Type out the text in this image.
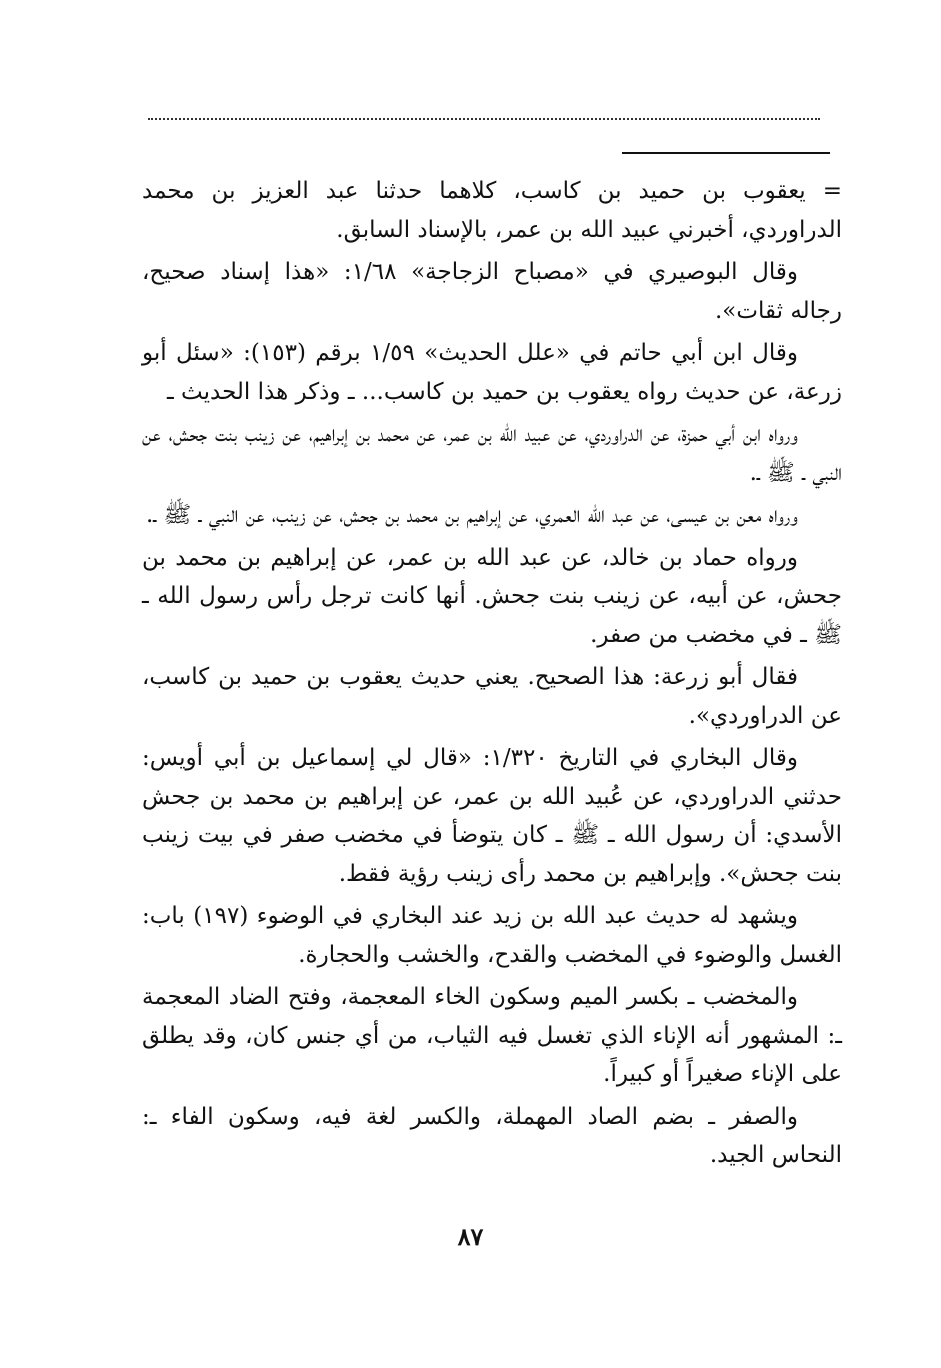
= يعقوب بن حميد بن كاسب، كلاهما حدثنا عبد العزيز بن محمد الدراوردي، أخبرني عبيد الله بن عمر، بالإسناد السابق.

وقال البوصيري في «مصباح الزجاجة» ١/٦٨: «هذا إسناد صحيح، رجاله ثقات».

وقال ابن أبي حاتم في «علل الحديث» ١/٥٩ برقم (١٥٣): «سئل أبو زرعة، عن حديث رواه يعقوب بن حميد بن كاسب... ـ وذكر هذا الحديث ـ

ورواه ابن أبي حمزة، عن الدراوردي، عن عبيد الله بن عمر، عن محمد بن إبراهيم، عن زينب بنت جحش، عن النبي ـ ﷺ ـ.

ورواه معن بن عيسى، عن عبد الله العمري، عن إبراهيم بن محمد بن جحش، عن زينب، عن النبي ـ ﷺ ـ.

ورواه حماد بن خالد، عن عبد الله بن عمر، عن إبراهيم بن محمد بن جحش، عن أبيه، عن زينب بنت جحش. أنها كانت ترجل رأس رسول الله ـ ﷺ ـ في مخضب من صفر.

فقال أبو زرعة: هذا الصحيح. يعني حديث يعقوب بن حميد بن كاسب، عن الدراوردي».

وقال البخاري في التاريخ ١/٣٢٠: «قال لي إسماعيل بن أبي أويس: حدثني الدراوردي، عن عُبيد الله بن عمر، عن إبراهيم بن محمد بن جحش الأسدي: أن رسول الله ـ ﷺ ـ كان يتوضأ في مخضب صفر في بيت زينب بنت جحش». وإبراهيم بن محمد رأى زينب رؤية فقط.

ويشهد له حديث عبد الله بن زيد عند البخاري في الوضوء (١٩٧) باب: الغسل والوضوء في المخضب والقدح، والخشب والحجارة.

والمخضب ـ بكسر الميم وسكون الخاء المعجمة، وفتح الضاد المعجمة ـ: المشهور أنه الإناء الذي تغسل فيه الثياب، من أي جنس كان، وقد يطلق على الإناء صغيراً أو كبيراً.

والصفر ـ بضم الصاد المهملة، والكسر لغة فيه، وسكون الفاء ـ: النحاس الجيد.

٨٧
